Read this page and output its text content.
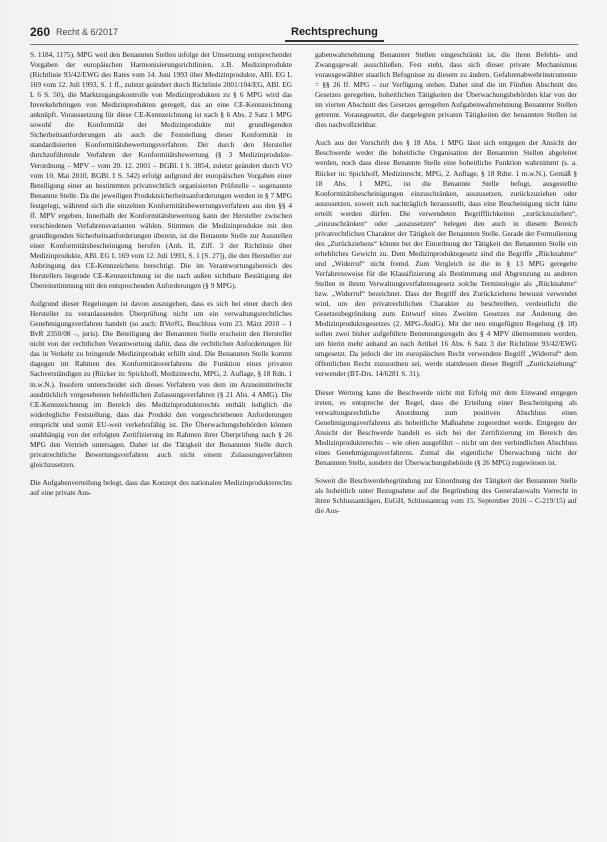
260 Recht & 6/2017	Rechtsprechung

S. 1184, 1175). MPG weil den Benannten Stellen infolge der Umsetzung entsprechender Vorgaben der europäischen Harmonisierungsrichtlinien, z.B. Medizinprodukte (Richtlinie 93/42/EWG des Rates vom 14. Juni 1993 über Medizinprodukte, ABl. EG L 169 vom 12. Juli 1993, S. 1 ff., zuletzt geändert durch Richtlinie 2001/104/EG, ABl. EG L 6 S. 50), die Marktzugangskontrolle von Medizinprodukten zu § 6 MPG wird das Inverkehrbringen von Medizinprodukten geregelt, das an eine CE-Kennzeichnung anknüpft. Voraussetzung für diese CE-Kennzeichnung ist nach § 6 Abs. 2 Satz 1 MPG sowohl die Konformität der Medizinprodukte mit grundlegenden Sicherheitsanforderungen als auch die Feststellung dieser Konformität in standardisierten Konformitätsbewertungsverfahren. Der durch den Hersteller durchzuführende Verfahren der Konformitätsbewertung (§ 3 Medizinprodukte-Verordnung – MPV – vom 20. 12. 2001 – BGBl. I S. 3854, zuletzt geändert durch VO vom 10. Mai 2010, BGBl. I S. 542) erfolgt aufgrund der europäischen Vorgaben einer Beteiligung einer an bestimmten privatrechtlich organisierten Prüfstelle – sogenannte Benannte Stelle. Da die jeweiligen Produktsicherheitsanforderungen werden in § 7 MPG festgelegt, während sich die einzelnen Konformitätsbewertungsverfahren aus den §§ 4 ff. MPV ergeben. Innerhalb der Konformitätsbewertung kann der Hersteller zwischen verschiedenen Verfahrensvarianten wählen. Stimmen die Medizinprodukte mit den grundlegenden Sicherheitsanforderungen überein, ist die Benannte Stelle zur Ausstellen einer Konformitätsbescheinigung berufen (Anh. II, Ziff. 3 der Richtlinie über Medizinprodukte, ABl. EG L 169 vom 12. Juli 1993, S. 1 [S. 27]), die den Hersteller zur Anbringung des CE-Kennzeichens berechtigt. Die im Verantwortungsbereich des Herstellers liegende CE-Kennzeichnung ist die nach außen sichtbare Bestätigung der Übereinstimmung mit den entsprechenden Anforderungen (§ 9 MPG).

Aufgrund dieser Regelungen ist davon auszugehen, dass es sich bei einer durch den Hersteller zu veranlassenden Überprüfung nicht um ein verwaltungsrechtliches Genehmigungsverfahren handelt (so auch: BVerfG, Beschluss vom 23. März 2010 – 1 BvR 2350/08 –, juris). Die Beteiligung der Benannten Stelle erscheint den Hersteller nicht von der rechtlichen Verantwortung dafür, dass die rechtlichen Anforderungen für das in Verkehr zu bringende Medizinprodukt erfüllt sind. Die Benannten Stelle kommt dagegen im Rahmen des Konformitätsverfahrens die Funktion eines privaten Sachverständigen zu (Rücker in: Spickhoff, Medizinrecht, MPG, 2. Auflage, § 18 Rdn. 1 m.w.N.). Insofern unterscheidet sich dieses Verfahren von dem im Arzneimittelrecht ausdrücklich vorgesehenen behördlichen Zulassungsverfahren (§ 21 Abs. 4 AMG). Die CE-Kennzeichnung im Bereich des Medizinprodukterechts enthält lediglich die widerlegliche Feststellung, dass das Produkt den vorgeschriebenen Anforderungen entspricht und somit EU-weit verkehrsfähig ist. Die Überwachungsbehörden können unabhängig von der erfolgten Zertifizierung im Rahmen ihrer Überprüfung nach § 26 MPG den Vertrieb untersagen. Daher ist die Tätigkeit der Benannten Stelle durch privatrechtliche Bewertungsverfahren auch nicht einem Zulassungsverfahren gleichzusetzen.

Die Aufgabenverteilung belegt, dass das Konzept des nationalen Medizinprodukterechts auf eine private Aus-

gabenwahrnehmung Benannter Stellen eingeschränkt ist, die ihren Befehls- und Zwangsgewalt ausschließen. Fest steht, dass sich dieser private Mechanismus vorausgewählter staatlich Befugnisse zu diesem zu ändern. Gefahrenabwehrinstrumente = §§ 26 ff. MPG – zur Verfügung stehen. Daher sind die im Fünften Abschnitt des Gesetzes geregelten, hoheitlichen Tätigkeiten der Überwachungsbehörden klar von der im vierten Abschnitt des Gesetzes geregelten Aufgabenwahrnehmung Benannter Stellen getrennt. Vorausgesetzt, die dargelegten privaten Tätigkeiten der benannten Stellen ist dies nachvollziehbar.

Auch aus der Vorschrift des § 18 Abs. 1 MPG lässt sich entgegen der Ansicht der Beschwerde weder die hoheitliche Organisation der Benannten Stellen abgeleitet werden, noch dass diese Benannte Stelle eine hoheitliche Funktion wahrnimmt (s. a. Rücker in: Spickhoff, Medizinrecht, MPG, 2. Auflage, § 18 Rdnr. 1 m.w.N.). Gemäß § 18 Abs. 1 MPG, ist die Benannte Stelle befugt, ausgestellte Konformitätsbescheinigungen einzuschränken, auszusetzen, zurückzuziehen oder auszusetzen, soweit sich nachträglich herausstellt, dass eine Bescheinigung nicht hätte erteilt werden dürfen. Die verwendeten Begrifflichkeiten „zurückzuziehen“, „einzuschränken“ oder „auszusetzen“ belegen den auch in diesem Bereich privatrechtlichen Charakter der Tätigkeit der Benannten Stelle. Gerade der Formulierung des „Zurückziehens“ könnte bei der Einordnung der Tätigkeit der Benannten Stelle ein erhebliches Gewicht zu. Dem Medizinproduktegesetz sind die Begriffe „Rücknahme“ und „Widerruf“ nicht fremd. Zum Vergleich ist die in § 13 MPG geregelte Verfahrensweise für die Klassifizierung als Bestimmung und Abgrenzung zu anderen Stellen in ihrem Verwaltungsverfahrensgesetz solche Terminologie als „Rücknahme“ bzw. „Widerruf“ bezeichnet. Dass der Begriff des Zurückziehens bewusst verwendet wird, um den privatrechtlichen Charakter zu beschreiben, verdeutlicht die Gesetzesbegründung zum Entwurf eines Zweiten Gesetzes zur Änderung des Medizinproduktegesetzes (2. MPG-ÄndG). Mit der neu eingefügten Regelung (§ 18) sollen zwei bisher aufgeführte Benennungsregeln des § 4 MPV übernommen werden, um hierin mehr anhand an nach Artikel 16 Abs. 6 Satz 3 der Richtlinie 93/42/EWG umgesetzt. Da jedoch der im europäischen Recht verwendete Begriff „Widerruf“ dem öffentlichen Recht zuzuordnen sei, werde stattdessen dieser Begriff „Zurückziehung“ verwendet (BT-Drs. 14/6281 S. 31).

Dieser Wertung kann die Beschwerde nicht mit Erfolg mit dem Einwand entgegen treten, es entspreche der Regel, dass die Erteilung einer Bescheinigung als verwaltungsrechtliche Anordnung zum positiven Abschluss eines Genehmigungsverfahrens als hoheitliche Maßnahme zugeordnet werde. Entgegen der Ansicht der Beschwerde handelt es sich bei der Zertifizierung im Bereich des Medizinprodukterechts – wie oben ausgeführt – nicht um den verbindlichen Abschluss eines Genehmigungsverfahrens. Zumal die eigentliche Überwachung nicht der Benannten Stelle, sondern der Überwachungsbehörde (§ 26 MPG) zugewiesen ist.

Soweit die Beschwerdebegründung zur Einordnung der Tätigkeit der Benannten Stelle als hoheitlich unter Bezugnahme auf die Begründung des Generalanwalts Vorrecht in ihren Schlussanträgen, EuGH, Schlussantrag vom 15. September 2016 – C-219/15) auf die Aus-
